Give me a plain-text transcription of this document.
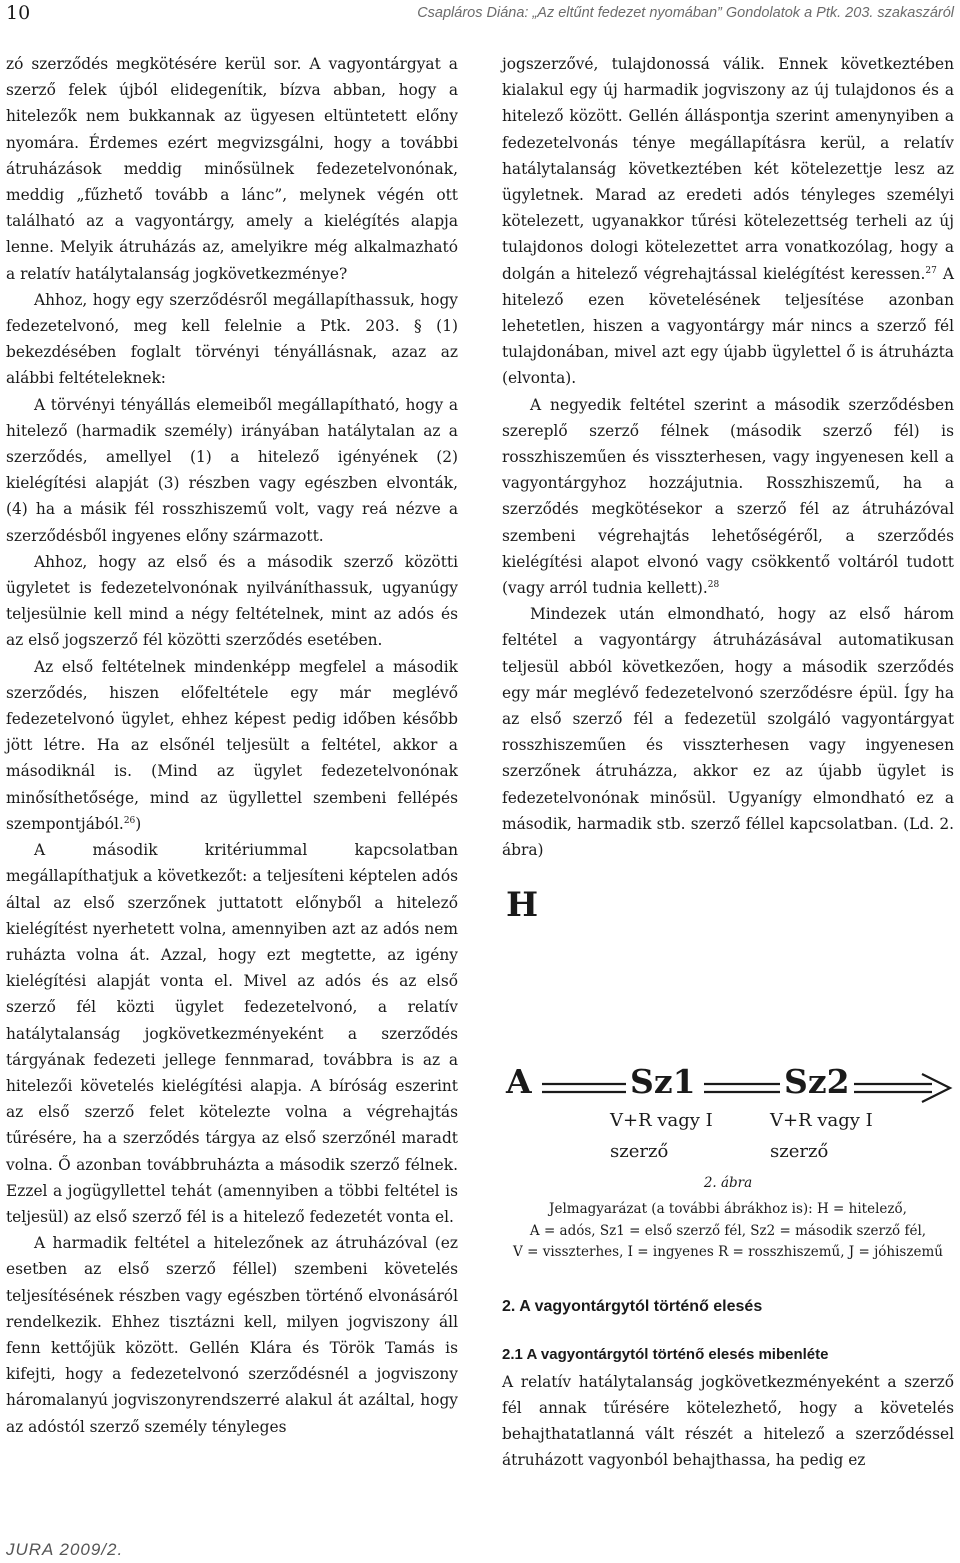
10	Csapláros Diána: „Az eltűnt fedezet nyomában” Gondolatok a Ptk. 203. szakaszáról

zó szerződés megkötésére kerül sor. A vagyontárgyat a szerző felek újból elidegenítik, bízva abban, hogy a hitelezők nem bukkannak az ügyesen eltüntetett előny nyomára. Érdemes ezért megvizsgálni, hogy a további átruházások meddig minősülnek fedezetelvonónak, meddig „fűzhető tovább a lánc”, melynek végén ott található az a vagyontárgy, amely a kielégítés alapja lenne. Melyik átruházás az, amelyikre még alkalmazható a relatív hatálytalanság jogkövetkezménye?

Ahhoz, hogy egy szerződésről megállapíthassuk, hogy fedezetelvonó, meg kell felelnie a Ptk. 203. § (1) bekezdésében foglalt törvényi tényállásnak, azaz az alábbi feltételeknek:

A törvényi tényállás elemeiből megállapítható, hogy a hitelező (harmadik személy) irányában hatálytalan az a szerződés, amellyel (1) a hitelező igényének (2) kielégítési alapját (3) részben vagy egészben elvonták, (4) ha a másik fél rosszhiszemű volt, vagy reá nézve a szerződésből ingyenes előny származott.

Ahhoz, hogy az első és a második szerző közötti ügyletet is fedezetelvonónak nyilváníthassuk, ugyanúgy teljesülnie kell mind a négy feltételnek, mint az adós és az első jogszerző fél közötti szerződés esetében.

Az első feltételnek mindenképp megfelel a második szerződés, hiszen előfeltétele egy már meglévő fedezetelvonó ügylet, ehhez képest pedig időben később jött létre. Ha az elsőnél teljesült a feltétel, akkor a másodiknál is. (Mind az ügylet fedezetelvonónak minősíthetősége, mind az ügyllettel szembeni fellépés szempontjából.$^{26}$)

A második kritériummal kapcsolatban megállapíthatjuk a következőt: a teljesíteni képtelen adós által az első szerzőnek juttatott előnyből a hitelező kielégítést nyerhetett volna, amennyiben azt az adós nem ruházta volna át. Azzal, hogy ezt megtette, az igény kielégítési alapját vonta el. Mivel az adós és az első szerző fél közti ügylet fedezetelvonó, a relatív hatálytalanság jogkövetkezményeként a szerződés tárgyának fedezeti jellege fennmarad, továbbra is az a hitelezői követelés kielégítési alapja. A bíróság eszerint az első szerző felet kötelezte volna a végrehajtás tűrésére, ha a szerződés tárgya az első szerzőnél maradt volna. Ő azonban továbbruházta a második szerző félnek. Ezzel a jogügyllettel tehát (amennyiben a többi feltétel is teljesül) az első szerző fél is a hitelező fedezetét vonta el.

A harmadik feltétel a hitelezőnek az átruházóval (ez esetben az első szerző féllel) szembeni követelés teljesítésének részben vagy egészben történő elvonásáról rendelkezik. Ehhez tisztázni kell, milyen jogviszony áll fenn kettőjük között. Gellén Klára és Török Tamás is kifejti, hogy a fedezetelvonó szerződésnél a jogviszony háromalanyú jogviszonyrendszerré alakul át azáltal, hogy az adóstól szerző személy tényleges

jogszerzővé, tulajdonossá válik. Ennek következtében kialakul egy új harmadik jogviszony az új tulajdonos és a hitelező között. Gellén álláspontja szerint amenynyiben a fedezetelvonás ténye megállapításra kerül, a relatív hatálytalanság következtében két kötelezettje lesz az ügyletnek. Marad az eredeti adós tényleges személyi kötelezett, ugyanakkor tűrési kötelezettség terheli az új tulajdonos dologi kötelezettet arra vonatkozólag, hogy a dolgán a hitelező végrehajtással kielégítést keressen.$^{27}$ A hitelező ezen követelésének teljesítése azonban lehetetlen, hiszen a vagyontárgy már nincs a szerző fél tulajdonában, mivel azt egy újabb ügylettel ő is átruházta (elvonta).

A negyedik feltétel szerint a második szerződésben szereplő szerző félnek (második szerző fél) is rosszhiszeműen és visszterhesen, vagy ingyenesen kell a vagyontárgyhoz hozzájutnia. Rosszhiszemű, ha a szerződés megkötésekor a szerző fél az átruházóval szembeni végrehajtás lehetőségéről, a szerződés kielégítési alapot elvonó vagy csökkentő voltáról tudott (vagy arról tudnia kellett).$^{28}$

Mindezek után elmondható, hogy az első három feltétel a vagyontárgy átruházásával automatikusan teljesül abból következően, hogy a második szerződés egy már meglévő fedezetelvonó szerződésre épül. Így ha az első szerző fél a fedezetül szolgáló vagyontárgyat rosszhiszeműen és visszterhesen vagy ingyenesen szerzőnek átruházza, akkor ez az újabb ügylet is fedezetelvonónak minősül. Ugyanígy elmondható ez a második, harmadik stb. szerző féllel kapcsolatban. (Ld. 2. ábra)

H
A	Sz1	Sz2
V+R vagy I
szerző
V+R vagy I
szerző
2. ábra
Jelmagyarázat (a további ábrákhoz is): H = hitelező,
A = adós, Sz1 = első szerző fél, Sz2 = második szerző fél,
V = visszterhes, I = ingyenes R = rosszhiszemű, J = jóhiszemű
2. A vagyontárgytól történő elesés
2.1 A vagyontárgytól történő elesés mibenléte

A relatív hatálytalanság jogkövetkezményeként a szerző fél annak tűrésére kötelezhető, hogy a követelés behajthatatlanná vált részét a hitelező a szerződéssel átruházott vagyonból behajthassa, ha pedig ez

JURA 2009/2.
